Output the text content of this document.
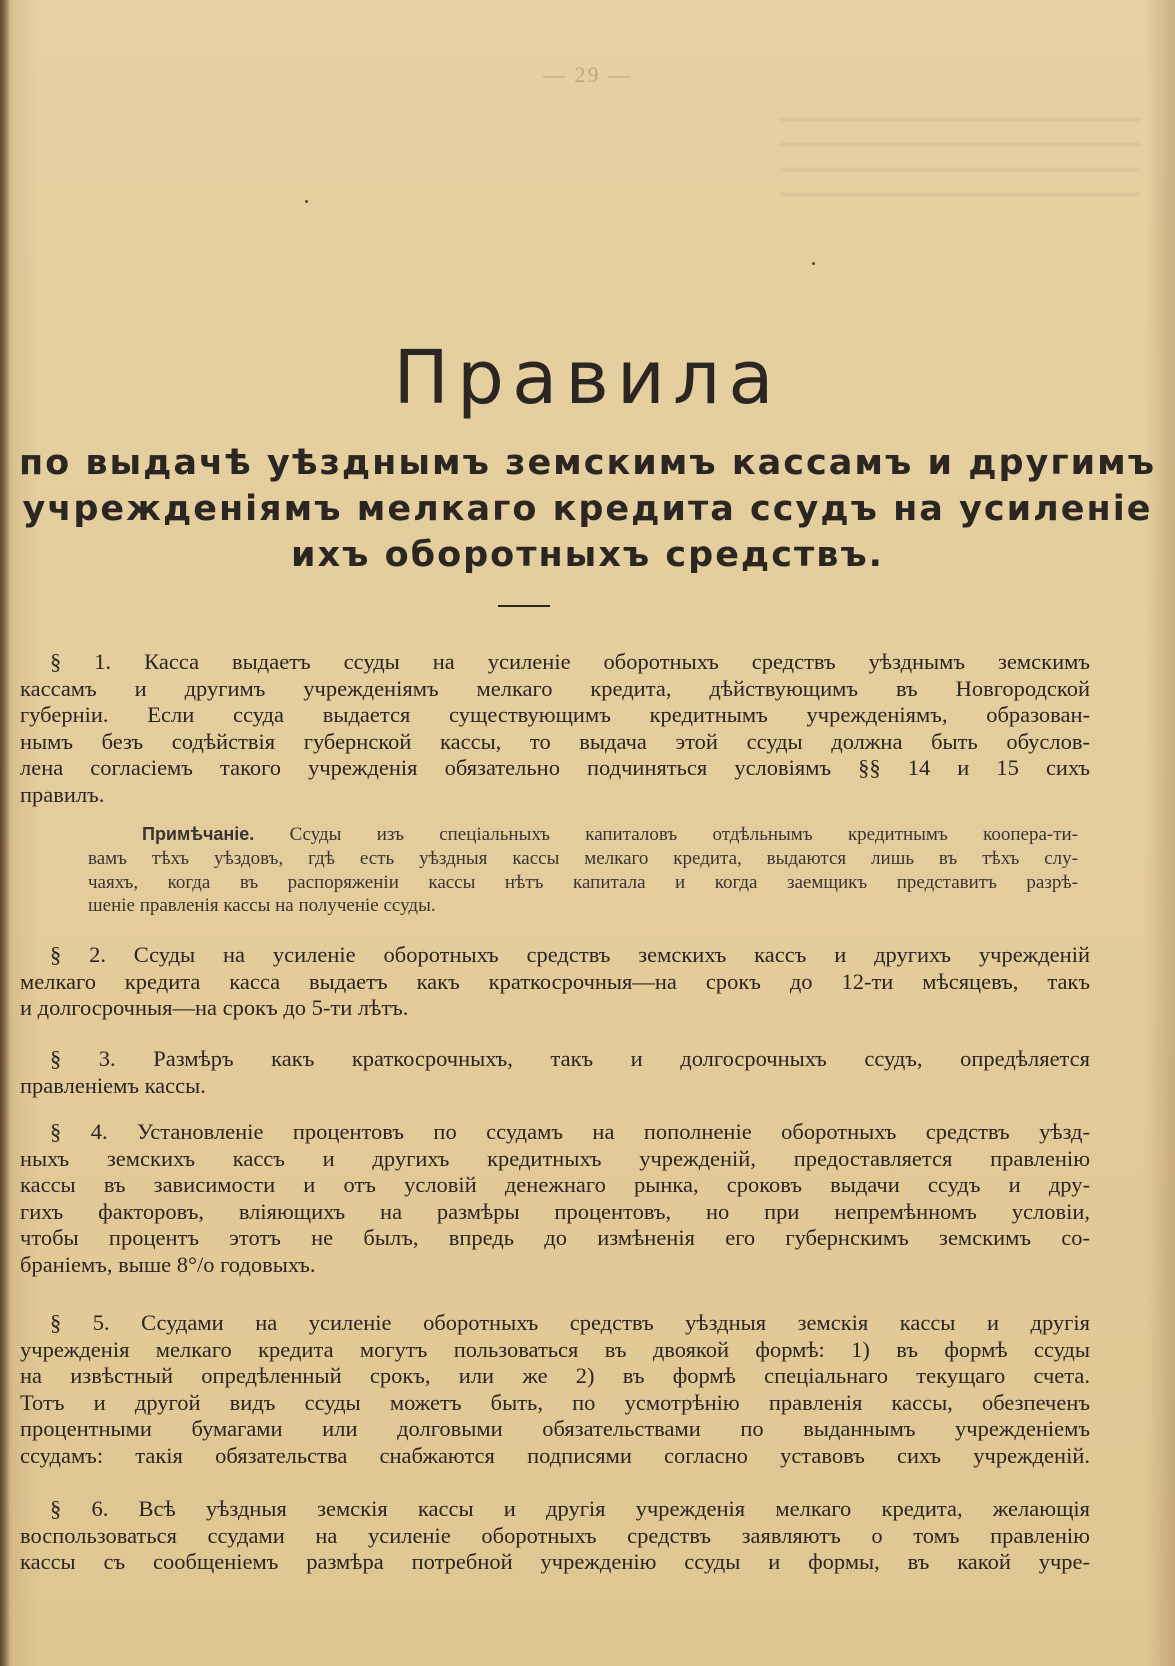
— 29 —
Правила
по выдачѣ уѣзднымъ земскимъ кассамъ и другимъ
учрежденіямъ мелкаго кредита ссудъ на усиленіе
ихъ оборотныхъ средствъ.
§ 1. Касса выдаетъ ссуды на усиленіе оборотныхъ средствъ уѣзднымъ земскимъ
кассамъ и другимъ учрежденіямъ мелкаго кредита, дѣйствующимъ въ Новгородской
губерніи. Если ссуда выдается существующимъ кредитнымъ учрежденіямъ, образован-
нымъ безъ содѣйствія губернской кассы, то выдача этой ссуды должна быть обуслов-
лена согласіемъ такого учрежденія обязательно подчиняться условіямъ §§ 14 и 15 сихъ
правилъ.
Примѣчаніе. Ссуды изъ спеціальныхъ капиталовъ отдѣльнымъ кредитнымъ коопера-ти-
вамъ тѣхъ уѣздовъ, гдѣ есть уѣздныя кассы мелкаго кредита, выдаются лишь въ тѣхъ слу-
чаяхъ, когда въ распоряженіи кассы нѣтъ капитала и когда заемщикъ представитъ разрѣ-
шеніе правленія кассы на полученіе ссуды.
§ 2. Ссуды на усиленіе оборотныхъ средствъ земскихъ кассъ и другихъ учрежденій
мелкаго кредита касса выдаетъ какъ краткосрочныя—на срокъ до 12-ти мѣсяцевъ, такъ
и долгосрочныя—на срокъ до 5-ти лѣтъ.
§ 3. Размѣръ какъ краткосрочныхъ, такъ и долгосрочныхъ ссудъ, опредѣляется
правленіемъ кассы.
§ 4. Установленіе процентовъ по ссудамъ на пополненіе оборотныхъ средствъ уѣзд-
ныхъ земскихъ кассъ и другихъ кредитныхъ учрежденій, предоставляется правленію
кассы въ зависимости и отъ условій денежнаго рынка, сроковъ выдачи ссудъ и дру-
гихъ факторовъ, вліяющихъ на размѣры процентовъ, но при непремѣнномъ условіи,
чтобы процентъ этотъ не былъ, впредь до измѣненія его губернскимъ земскимъ со-
браніемъ, выше 8°/о годовыхъ.
§ 5. Ссудами на усиленіе оборотныхъ средствъ уѣздныя земскія кассы и другія
учрежденія мелкаго кредита могутъ пользоваться въ двоякой формѣ: 1) въ формѣ ссуды
на извѣстный опредѣленный срокъ, или же 2) въ формѣ спеціальнаго текущаго счета.
Тотъ и другой видъ ссуды можетъ быть, по усмотрѣнію правленія кассы, обезпеченъ
процентными бумагами или долговыми обязательствами по выданнымъ учрежденіемъ
ссудамъ: такія обязательства снабжаются подписями согласно уставовъ сихъ учрежденій.
§ 6. Всѣ уѣздныя земскія кассы и другія учрежденія мелкаго кредита, желающія
воспользоваться ссудами на усиленіе оборотныхъ средствъ заявляютъ о томъ правленію
кассы съ сообщеніемъ размѣра потребной учрежденію ссуды и формы, въ какой учре-
